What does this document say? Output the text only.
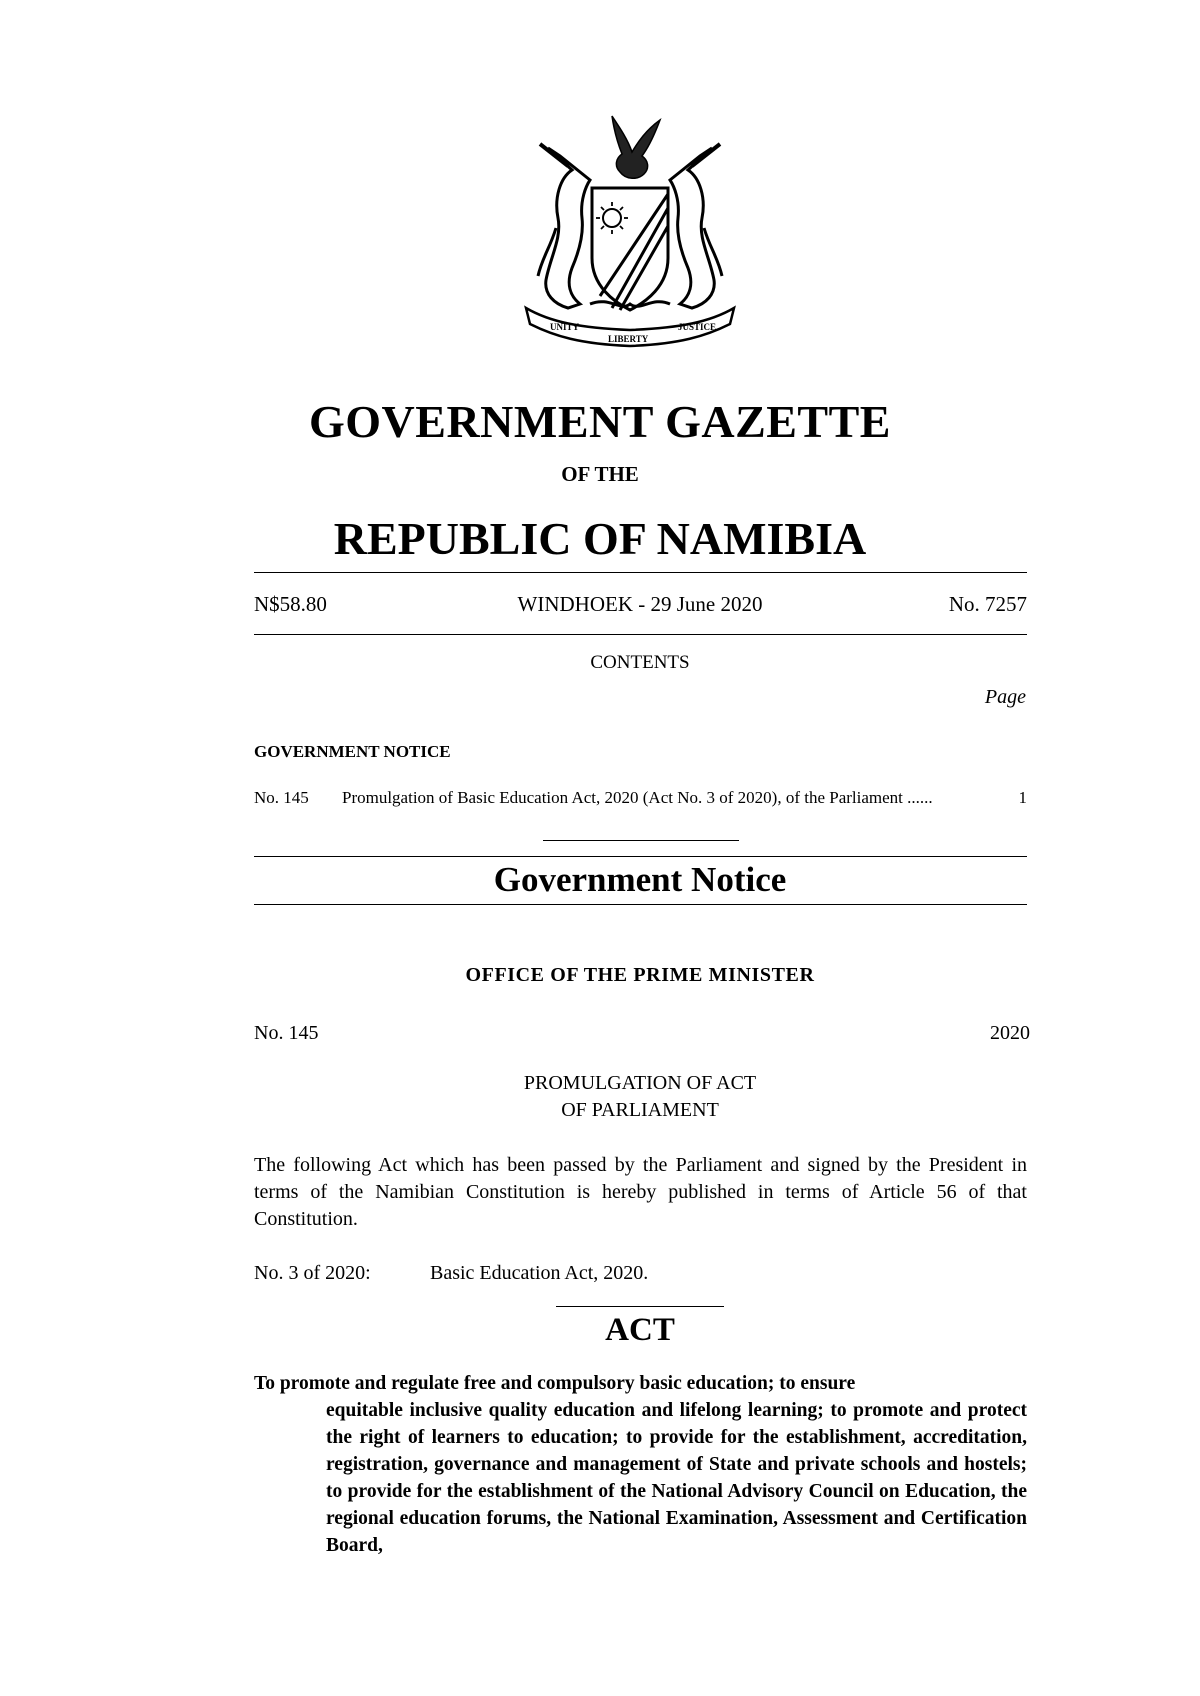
UNITY
LIBERTY
JUSTICE
GOVERNMENT GAZETTE
OF THE
REPUBLIC OF NAMIBIA
N$58.80	WINDHOEK - 29 June 2020	No. 7257
CONTENTS
Page
GOVERNMENT NOTICE
No. 145 Promulgation of Basic Education Act, 2020 (Act No. 3 of 2020), of the Parliament ......	1
Government Notice
OFFICE OF THE PRIME MINISTER
No. 145	2020
PROMULGATION OF ACT
OF PARLIAMENT
The following Act which has been passed by the Parliament and signed by the President in terms of the Namibian Constitution is hereby published in terms of Article 56 of that Constitution.
No. 3 of 2020:	Basic Education Act, 2020.
ACT
To promote and regulate free and compulsory basic education; to ensure
equitable inclusive quality education and lifelong learning; to promote and protect the right of learners to education; to provide for the establishment, accreditation, registration, governance and management of State and private schools and hostels; to provide for the establishment of the National Advisory Council on Education, the regional education forums, the National Examination, Assessment and Certification Board,
